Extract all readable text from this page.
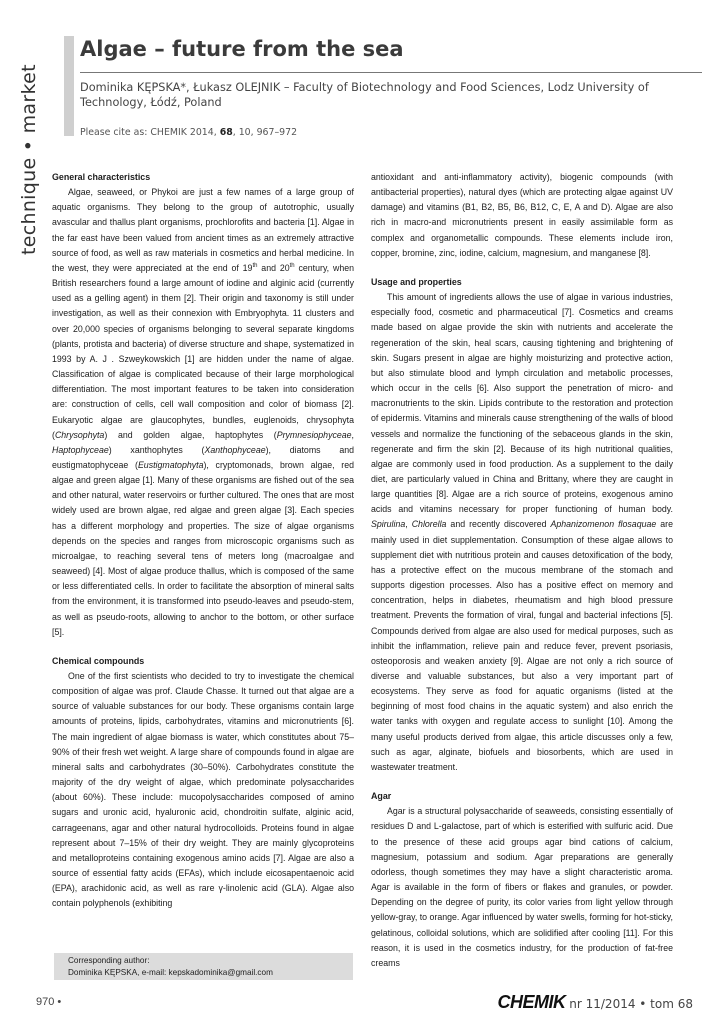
technique • market
Algae – future from the sea
Dominika KĘPSKA*, Łukasz OLEJNIK – Faculty of Biotechnology and Food Sciences, Lodz University of Technology, Łódź, Poland
Please cite as: CHEMIK 2014, 68, 10, 967–972
General characteristics

Algae, seaweed, or Phykoi are just a few names of a large group of aquatic organisms. They belong to the group of autotrophic, usually avascular and thallus plant organisms, prochlorofits and bacteria [1]. Algae in the far east have been valued from ancient times as an extremely attractive source of food, as well as raw materials in cosmetics and herbal medicine. In the west, they were appreciated at the end of 19th and 20th century, when British researchers found a large amount of iodine and alginic acid (currently used as a gelling agent) in them [2]. Their origin and taxonomy is still under investigation, as well as their connexion with Embryophyta. 11 clusters and over 20,000 species of organisms belonging to several separate kingdoms (plants, protista and bacteria) of diverse structure and shape, systematized in 1993 by A. J . Szweykowskich [1] are hidden under the name of algae. Classification of algae is complicated because of their large morphological differentiation. The most important features to be taken into consideration are: construction of cells, cell wall composition and color of biomass [2]. Eukaryotic algae are glaucophytes, bundles, euglenoids, chrysophyta (Chrysophyta) and golden algae, haptophytes (Prymnesiophyceae, Haptophyceae) xanthophytes (Xanthophyceae), diatoms and eustigmatophyceae (Eustigmatophyta), cryptomonads, brown algae, red algae and green algae [1]. Many of these organisms are fished out of the sea and other natural, water reservoirs or further cultured. The ones that are most widely used are brown algae, red algae and green algae [3]. Each species has a different morphology and properties. The size of algae organisms depends on the species and ranges from microscopic organisms such as microalgae, to reaching several tens of meters long (macroalgae and seaweed) [4]. Most of algae produce thallus, which is composed of the same or less differentiated cells. In order to facilitate the absorption of mineral salts from the environment, it is transformed into pseudo-leaves and pseudo-stem, as well as pseudo-roots, allowing to anchor to the bottom, or other surface [5].

Chemical compounds

One of the first scientists who decided to try to investigate the chemical composition of algae was prof. Claude Chasse. It turned out that algae are a source of valuable substances for our body. These organisms contain large amounts of proteins, lipids, carbohydrates, vitamins and micronutrients [6]. The main ingredient of algae biomass is water, which constitutes about 75–90% of their fresh wet weight. A large share of compounds found in algae are mineral salts and carbohydrates (30–50%). Carbohydrates constitute the majority of the dry weight of algae, which predominate polysaccharides (about 60%). These include: mucopolysaccharides composed of amino sugars and uronic acid, hyaluronic acid, chondroitin sulfate, alginic acid, carrageenans, agar and other natural hydrocolloids. Proteins found in algae represent about 7–15% of their dry weight. They are mainly glycoproteins and metalloproteins containing exogenous amino acids [7]. Algae are also a source of essential fatty acids (EFAs), which include eicosapentaenoic acid (EPA), arachidonic acid, as well as rare γ-linolenic acid (GLA). Algae also contain polyphenols (exhibiting

antioxidant and anti-inflammatory activity), biogenic compounds (with antibacterial properties), natural dyes (which are protecting algae against UV damage) and vitamins (B1, B2, B5, B6, B12, C, E, A and D). Algae are also rich in macro-and micronutrients present in easily assimilable form as complex and organometallic compounds. These elements include iron, copper, bromine, zinc, iodine, calcium, magnesium, and manganese [8].

Usage and properties

This amount of ingredients allows the use of algae in various industries, especially food, cosmetic and pharmaceutical [7]. Cosmetics and creams made based on algae provide the skin with nutrients and accelerate the regeneration of the skin, heal scars, causing tightening and brightening of skin. Sugars present in algae are highly moisturizing and protective action, but also stimulate blood and lymph circulation and metabolic processes, which occur in the cells [6]. Also support the penetration of micro- and macronutrients to the skin. Lipids contribute to the restoration and protection of epidermis. Vitamins and minerals cause strengthening of the walls of blood vessels and normalize the functioning of the sebaceous glands in the skin, regenerate and firm the skin [2]. Because of its high nutritional qualities, algae are commonly used in food production. As a supplement to the daily diet, are particularly valued in China and Brittany, where they are caught in large quantities [8]. Algae are a rich source of proteins, exogenous amino acids and vitamins necessary for proper functioning of human body. Spirulina, Chlorella and recently discovered Aphanizomenon flosaquae are mainly used in diet supplementation. Consumption of these algae allows to supplement diet with nutritious protein and causes detoxification of the body, has a protective effect on the mucous membrane of the stomach and supports digestion processes. Also has a positive effect on memory and concentration, helps in diabetes, rheumatism and high blood pressure treatment. Prevents the formation of viral, fungal and bacterial infections [5]. Compounds derived from algae are also used for medical purposes, such as inhibit the inflammation, relieve pain and reduce fever, prevent psoriasis, osteoporosis and weaken anxiety [9]. Algae are not only a rich source of diverse and valuable substances, but also a very important part of ecosystems. They serve as food for aquatic organisms (listed at the beginning of most food chains in the aquatic system) and also enrich the water tanks with oxygen and regulate access to sunlight [10]. Among the many useful products derived from algae, this article discusses only a few, such as agar, alginate, biofuels and biosorbents, which are used in wastewater treatment.

Agar

Agar is a structural polysaccharide of seaweeds, consisting essentially of residues D and L-galactose, part of which is esterified with sulfuric acid. Due to the presence of these acid groups agar bind cations of calcium, magnesium, potassium and sodium. Agar preparations are generally odorless, though sometimes they may have a slight characteristic aroma. Agar is available in the form of fibers or flakes and granules, or powder. Depending on the degree of purity, its color varies from light yellow through yellow-gray, to orange. Agar influenced by water swells, forming for hot-sticky, gelatinous, colloidal solutions, which are solidified after cooling [11]. For this reason, it is used in the cosmetics industry, for the production of fat-free creams

Corresponding author:
Dominika KĘPSKA, e-mail: kepskadominika@gmail.com
970 •	CHEMIK nr 11/2014 • tom 68
